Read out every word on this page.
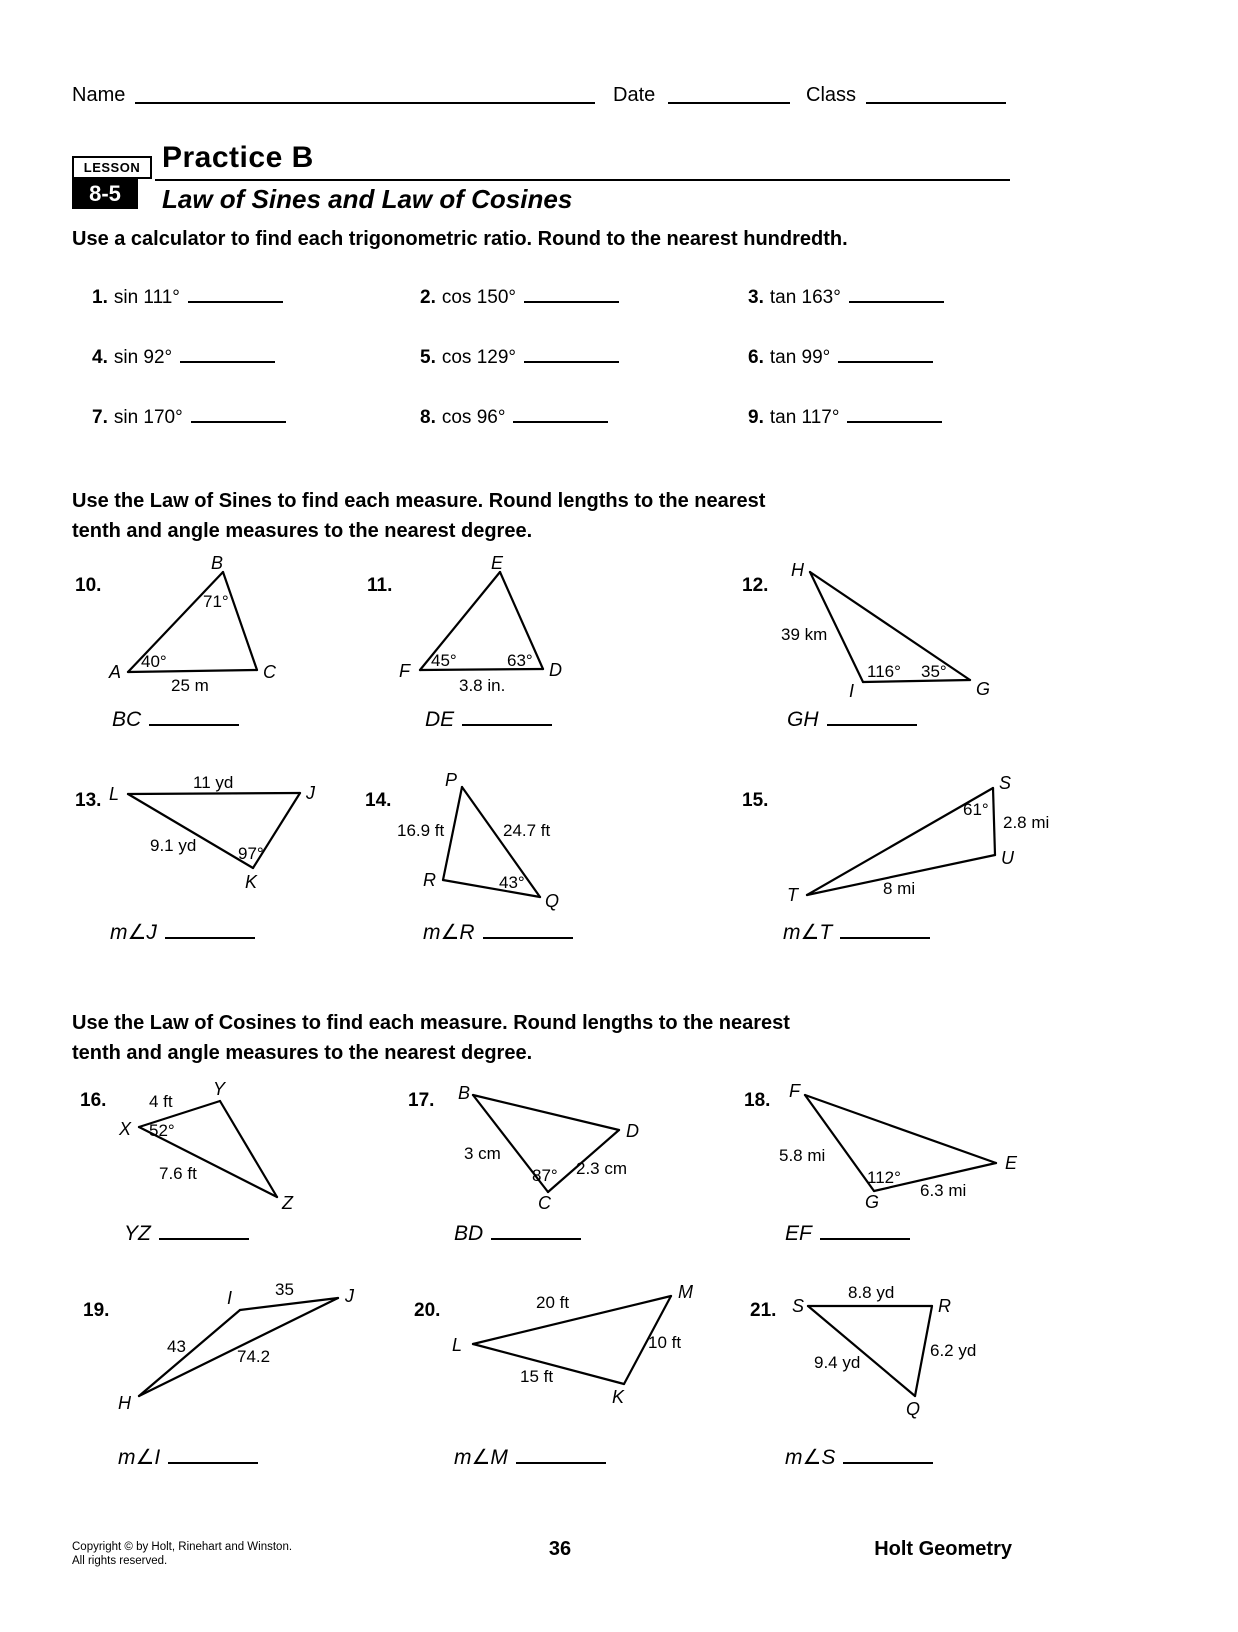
Name	Date	Class
LESSON
8-5
Practice B
Law of Sines and Law of Cosines
Use a calculator to find each trigonometric ratio. Round to the nearest hundredth.
1. sin 111°	2. cos 150°	3. tan 163°
4. sin 92°	5. cos 129°	6. tan 99°
7. sin 170°	8. cos 96°	9. tan 117°
Use the Law of Sines to find each measure. Round lengths to the nearest
tenth and angle measures to the nearest degree.
10.
B
71°
A
40°
C
25 m
11.
E
F
45°	63° D
3.8 in.
12.
H
39 km
I
116° 35°
G
BC	DE	GH
13. L
11 yd
J
9.1 yd 97°
K
14.
P
16.9 ft	24.7 ft
R	43°
Q
15.
S
61°
2.8 mi
U
T	8 mi
m∠J	m∠R	m∠T
Use the Law of Cosines to find each measure. Round lengths to the nearest
tenth and angle measures to the nearest degree.
16.
Y
4 ft
X 52°
7.6 ft
Z
17. B
D
3 cm
87° 2.3 cm
C
18. F
5.8 mi
112°
E
6.3 mi
G
YZ	BD	EF
19.
I	35	J
43
74.2
H
20.	20 ft
M
L	10 ft
15 ft
K
21. S
8.8 yd
R
9.4 yd
6.2 yd
Q
m∠I	m∠M	m∠S
Copyright © by Holt, Rinehart and Winston.
All rights reserved.
36	Holt Geometry
